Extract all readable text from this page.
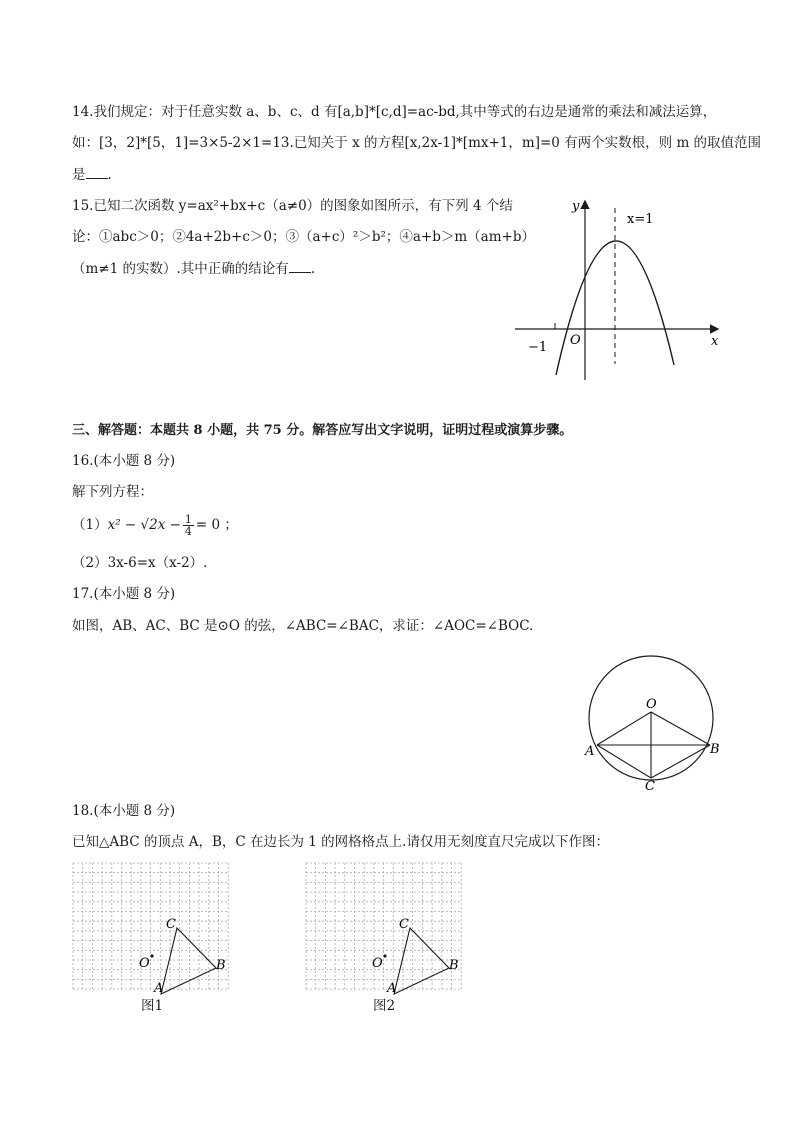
14.我们规定：对于任意实数 a、b、c、d 有[a,b]*[c,d]=ac-bd,其中等式的右边是通常的乘法和减法运算，
如：[3，2]*[5，1]=3×5-2×1=13.已知关于 x 的方程[x,2x-1]*[mx+1，m]=0 有两个实数根，则 m 的取值范围
是 .
15.已知二次函数 y=ax²+bx+c（a≠0）的图象如图所示，有下列 4 个结
论：①abc＞0；②4a+2b+c＞0；③（a+c）²＞b²；④a+b＞m（am+b）
（m≠1 的实数）.其中正确的结论有 .
y
x
x=1
O
−1
三、解答题：本题共 8 小题，共 75 分。解答应写出文字说明，证明过程或演算步骤。
16.(本小题 8 分)
解下列方程：
$(1)x^2 - √2x - \frac{1}{4} = 0$ ；
（2）3x-6=x（x-2）.
17.(本小题 8 分)
如图，AB、AC、BC 是⊙O 的弦，∠ABC=∠BAC，求证：∠AOC=∠BOC.
O
A	B
C
18.(本小题 8 分)
已知△ABC 的顶点 A，B，C 在边长为 1 的网格格点上.请仅用无刻度直尺完成以下作图：
C
O	B
A
图1
C
O	B
A
图2
